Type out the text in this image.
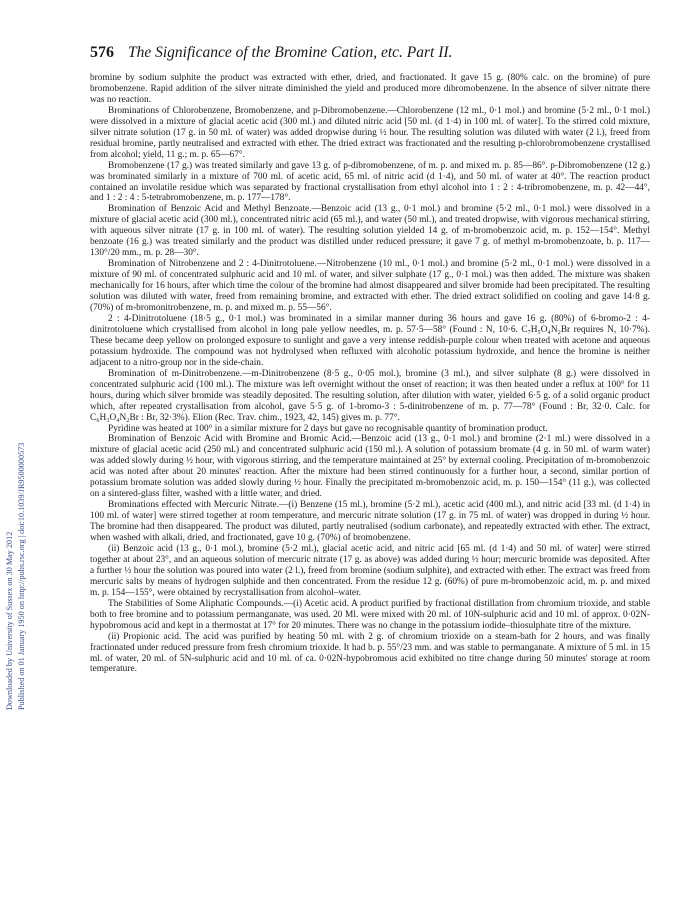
Downloaded by University of Sussex on 30 May 2012 Published on 01 January 1950 on http://pubs.rsc.org | doi:10.1039/JR9500000573
576 The Significance of the Bromine Cation, etc. Part II.

bromine by sodium sulphite the product was extracted with ether, dried, and fractionated. It gave 15 g. (80% calc. on the bromine) of pure bromobenzene. Rapid addition of the silver nitrate diminished the yield and produced more dibromobenzene. In the absence of silver nitrate there was no reaction.

Brominations of Chlorobenzene, Bromobenzene, and p-Dibromobenzene.—Chlorobenzene (12 ml., 0·1 mol.) and bromine (5·2 ml., 0·1 mol.) were dissolved in a mixture of glacial acetic acid (300 ml.) and diluted nitric acid [50 ml. (d 1·4) in 100 ml. of water]. To the stirred cold mixture, silver nitrate solution (17 g. in 50 ml. of water) was added dropwise during ½ hour. The resulting solution was diluted with water (2 l.), freed from residual bromine, partly neutralised and extracted with ether. The dried extract was fractionated and the resulting p-chlorobromobenzene crystallised from alcohol; yield, 11 g.; m. p. 65—67°.

Bromobenzene (17 g.) was treated similarly and gave 13 g. of p-dibromobenzene, of m. p. and mixed m. p. 85—86°. p-Dibromobenzene (12 g.) was brominated similarly in a mixture of 700 ml. of acetic acid, 65 ml. of nitric acid (d 1·4), and 50 ml. of water at 40°. The reaction product contained an involatile residue which was separated by fractional crystallisation from ethyl alcohol into 1 : 2 : 4-tribromobenzene, m. p. 42—44°, and 1 : 2 : 4 : 5-tetrabromobenzene, m. p. 177—178°.

Bromination of Benzoic Acid and Methyl Benzoate.—Benzoic acid (13 g., 0·1 mol.) and bromine (5·2 ml., 0·1 mol.) were dissolved in a mixture of glacial acetic acid (300 ml.), concentrated nitric acid (65 ml.), and water (50 ml.), and treated dropwise, with vigorous mechanical stirring, with aqueous silver nitrate (17 g. in 100 ml. of water). The resulting solution yielded 14 g. of m-bromobenzoic acid, m. p. 152—154°. Methyl benzoate (16 g.) was treated similarly and the product was distilled under reduced pressure; it gave 7 g. of methyl m-bromobenzoate, b. p. 117—130°/20 mm., m. p. 28—30°.

Bromination of Nitrobenzene and 2 : 4-Dinitrotoluene.—Nitrobenzene (10 ml., 0·1 mol.) and bromine (5·2 ml., 0·1 mol.) were dissolved in a mixture of 90 ml. of concentrated sulphuric acid and 10 ml. of water, and silver sulphate (17 g., 0·1 mol.) was then added. The mixture was shaken mechanically for 16 hours, after which time the colour of the bromine had almost disappeared and silver bromide had been precipitated. The resulting solution was diluted with water, freed from remaining bromine, and extracted with ether. The dried extract solidified on cooling and gave 14·8 g. (70%) of m-bromonitrobenzene, m. p. and mixed m. p. 55—56°.

2 : 4-Dinitrotoluene (18·5 g., 0·1 mol.) was brominated in a similar manner during 36 hours and gave 16 g. (80%) of 6-bromo-2 : 4-dinitrotoluene which crystallised from alcohol in long pale yellow needles, m. p. 57·5—58° (Found : N, 10·6. C₇H₅O₄N₂Br requires N, 10·7%). These became deep yellow on prolonged exposure to sunlight and gave a very intense reddish-purple colour when treated with acetone and aqueous potassium hydroxide. The compound was not hydrolysed when refluxed with alcoholic potassium hydroxide, and hence the bromine is neither adjacent to a nitro-group nor in the side-chain.

Bromination of m-Dinitrobenzene.—m-Dinitrobenzene (8·5 g., 0·05 mol.), bromine (3 ml.), and silver sulphate (8 g.) were dissolved in concentrated sulphuric acid (100 ml.). The mixture was left overnight without the onset of reaction; it was then heated under a reflux at 100° for 11 hours, during which silver bromide was steadily deposited. The resulting solution, after dilution with water, yielded 6·5 g. of a solid organic product which, after repeated crystallisation from alcohol, gave 5·5 g. of 1-bromo-3 : 5-dinitrobenzene of m. p. 77—78° (Found : Br, 32·0. Calc. for C₆H₃O₄N₂Br : Br, 32·3%). Elion (Rec. Trav. chim., 1923, 42, 145) gives m. p. 77°.

Pyridine was heated at 100° in a similar mixture for 2 days but gave no recognisable quantity of bromination product.

Bromination of Benzoic Acid with Bromine and Bromic Acid.—Benzoic acid (13 g., 0·1 mol.) and bromine (2·1 ml.) were dissolved in a mixture of glacial acetic acid (250 ml.) and concentrated sulphuric acid (150 ml.). A solution of potassium bromate (4 g. in 50 ml. of warm water) was added slowly during ½ hour, with vigorous stirring, and the temperature maintained at 25° by external cooling. Precipitation of m-bromobenzoic acid was noted after about 20 minutes' reaction. After the mixture had been stirred continuously for a further hour, a second, similar portion of potassium bromate solution was added slowly during ½ hour. Finally the precipitated m-bromobenzoic acid, m. p. 150—154° (11 g.), was collected on a sintered-glass filter, washed with a little water, and dried.

Brominations effected with Mercuric Nitrate.—(i) Benzene (15 ml.), bromine (5·2 ml.), acetic acid (400 ml.), and nitric acid [33 ml. (d 1·4) in 100 ml. of water] were stirred together at room temperature, and mercuric nitrate solution (17 g. in 75 ml. of water) was dropped in during ½ hour. The bromine had then disappeared. The product was diluted, partly neutralised (sodium carbonate), and repeatedly extracted with ether. The extract, when washed with alkali, dried, and fractionated, gave 10 g. (70%) of bromobenzene.

(ii) Benzoic acid (13 g., 0·1 mol.), bromine (5·2 ml.), glacial acetic acid, and nitric acid [65 ml. (d 1·4) and 50 ml. of water] were stirred together at about 23°, and an aqueous solution of mercuric nitrate (17 g. as above) was added during ½ hour; mercuric bromide was deposited. After a further ½ hour the solution was poured into water (2 l.), freed from bromine (sodium sulphite), and extracted with ether. The extract was freed from mercuric salts by means of hydrogen sulphide and then concentrated. From the residue 12 g. (60%) of pure m-bromobenzoic acid, m. p. and mixed m. p. 154—155°, were obtained by recrystallisation from alcohol–water.

The Stabilities of Some Aliphatic Compounds.—(i) Acetic acid. A product purified by fractional distillation from chromium trioxide, and stable both to free bromine and to potassium permanganate, was used. 20 Ml. were mixed with 20 ml. of 10N-sulphuric acid and 10 ml. of approx. 0·02N-hypobromous acid and kept in a thermostat at 17° for 20 minutes. There was no change in the potassium iodide–thiosulphate titre of the mixture.

(ii) Propionic acid. The acid was purified by heating 50 ml. with 2 g. of chromium trioxide on a steam-bath for 2 hours, and was finally fractionated under reduced pressure from fresh chromium trioxide. It had b. p. 55°/23 mm. and was stable to permanganate. A mixture of 5 ml. in 15 ml. of water, 20 ml. of 5N-sulphuric acid and 10 ml. of ca. 0·02N-hypobromous acid exhibited no titre change during 50 minutes' storage at room temperature.
